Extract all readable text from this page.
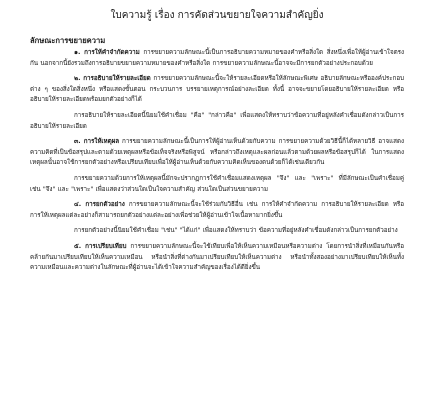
ใบความรู้ เรื่อง การคัดส่วนขยายใจความสำคัญยิ่ง
ลักษณะการขยายความ

๑. การให้คำจำกัดความ การขยายความลักษณะนี้เป็นการอธิบายความหมายของคำหรือสิ่งใด สิ่งหนึ่งเพื่อให้ผู้อ่านเข้าใจตรงกัน นอกจากนี้ยังรวมถึงการอธิบายขยายความหมายของคำหรือสิ่งใด การขยายความลักษณะนี้อาจจะมีการยกตัวอย่างประกอบด้วย

๒. การอธิบายให้รายละเอียด การขยายความลักษณะนี้จะให้รายละเอียดหรือให้ลักษณะพิเศษ อธิบายลักษณะหรือองค์ประกอบต่าง ๆ ของสิ่งใดสิ่งหนึ่ง หรือแสดงขั้นตอน กระบวนการ บรรยายเหตุการณ์อย่างละเอียด ทั้งนี้ อาจจะขยายโดยอธิบายให้รายละเอียด หรืออธิบายให้รายละเอียดพร้อมยกตัวอย่างก็ได้

การอธิบายให้รายละเอียดนี้นิยมใช้คำเชื่อม "คือ" "กล่าวคือ" เพื่อแสดงให้ทราบว่าข้อความที่อยู่หลังคำเชื่อมดังกล่าวเป็นการอธิบายให้รายละเอียด

๓. การให้เหตุผล การขยายความลักษณะนี้เป็นการให้ผู้อ่านเห็นด้วยกับความ การขยายความด้วยวิธีนี้ก็ได้หลายวิธี อาจแสดงความคิดที่เป็นข้อสรุปและตามด้วยเหตุผลหรือข้อเท็จจริงหรือพิสูจน์ หรือกล่าวถึงเหตุและผลก่อนแล้วตามด้วยผลหรือข้อสรุปก็ได้ ในการแสดงเหตุผลนั้นอาจใช้การยกตัวอย่างหรือเปรียบเทียบเพื่อให้ผู้อ่านเห็นด้วยกับความคิดเห็นของตนด้วยก็ได้เช่นเดียวกัน

การขยายความด้วยการให้เหตุผลนี้มักจะปรากฏการใช้คำเชื่อมแสดงเหตุผล "จึง" และ "เพราะ" ที่มีลักษณะเป็นคำเชื่อมคู่ เช่น "จึง" และ "เพราะ" เพื่อแสดงว่าส่วนใดเป็นใจความสำคัญ ส่วนใดเป็นส่วนขยายความ

๔. การยกตัวอย่าง การขยายความลักษณะนี้จะใช้ร่วมกับวิธีอื่น เช่น การให้คำจำกัดความ การอธิบายให้รายละเอียด หรือการให้เหตุผลแต่ละอย่างก็สามารถยกตัวอย่างแต่ละอย่างเพื่อช่วยให้ผู้อ่านเข้าใจเนื้อหามากยิ่งขึ้น

การยกตัวอย่างนี้นิยมใช้คำเชื่อม "เช่น" "ได้แก่" เพื่อแสดงให้ทราบว่า ข้อความที่อยู่หลังคำเชื่อมดังกล่าวเป็นการยกตัวอย่าง

๕. การเปรียบเทียบ การขยายความลักษณะนี้จะใช้เทียบเพื่อให้เห็นความเหมือนหรือความต่าง โดยการนำสิ่งที่เหมือนกันหรือคล้ายกันมาเปรียบเทียบให้เห็นความเหมือน หรือนำสิ่งที่ต่างกันมาเปรียบเทียบให้เห็นความต่าง หรือนำทั้งสองอย่างมาเปรียบเทียบให้เห็นทั้งความเหมือนและความต่างในลักษณะที่ผู้อ่านจะได้เข้าใจความสำคัญของเรื่องได้ดียิ่งขึ้น
